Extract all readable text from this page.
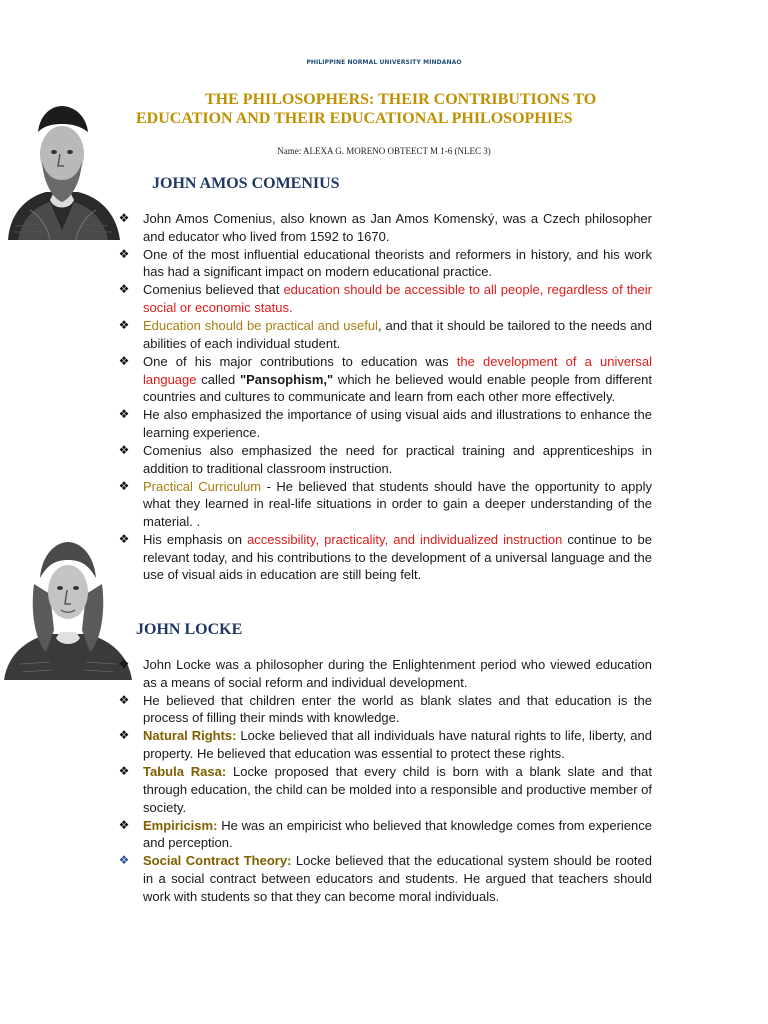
PHILIPPINE NORMAL UNIVERSITY MINDANAO
THE PHILOSOPHERS: THEIR CONTRIBUTIONS TO
EDUCATION AND THEIR EDUCATIONAL PHILOSOPHIES
Name: ALEXA G. MORENO OBTEECT M 1-6 (NLEC 3)
JOHN AMOS COMENIUS
❖ John Amos Comenius, also known as Jan Amos Komenský, was a Czech philosopher and educator who lived from 1592 to 1670.
❖ One of the most influential educational theorists and reformers in history, and his work has had a significant impact on modern educational practice.
❖ Comenius believed that education should be accessible to all people, regardless of their social or economic status.
❖ Education should be practical and useful, and that it should be tailored to the needs and abilities of each individual student.
❖ One of his major contributions to education was the development of a universal language called "Pansophism," which he believed would enable people from different countries and cultures to communicate and learn from each other more effectively.
❖ He also emphasized the importance of using visual aids and illustrations to enhance the learning experience.
❖ Comenius also emphasized the need for practical training and apprenticeships in addition to traditional classroom instruction.
❖ Practical Curriculum - He believed that students should have the opportunity to apply what they learned in real-life situations in order to gain a deeper understanding of the material. .
❖ His emphasis on accessibility, practicality, and individualized instruction continue to be relevant today, and his contributions to the development of a universal language and the use of visual aids in education are still being felt.
JOHN LOCKE
❖ John Locke was a philosopher during the Enlightenment period who viewed education as a means of social reform and individual development.
❖ He believed that children enter the world as blank slates and that education is the process of filling their minds with knowledge.
❖ Natural Rights: Locke believed that all individuals have natural rights to life, liberty, and property. He believed that education was essential to protect these rights.
❖ Tabula Rasa: Locke proposed that every child is born with a blank slate and that through education, the child can be molded into a responsible and productive member of society.
❖ Empiricism: He was an empiricist who believed that knowledge comes from experience and perception.
❖ Social Contract Theory: Locke believed that the educational system should be rooted in a social contract between educators and students. He argued that teachers should work with students so that they can become moral individuals.
